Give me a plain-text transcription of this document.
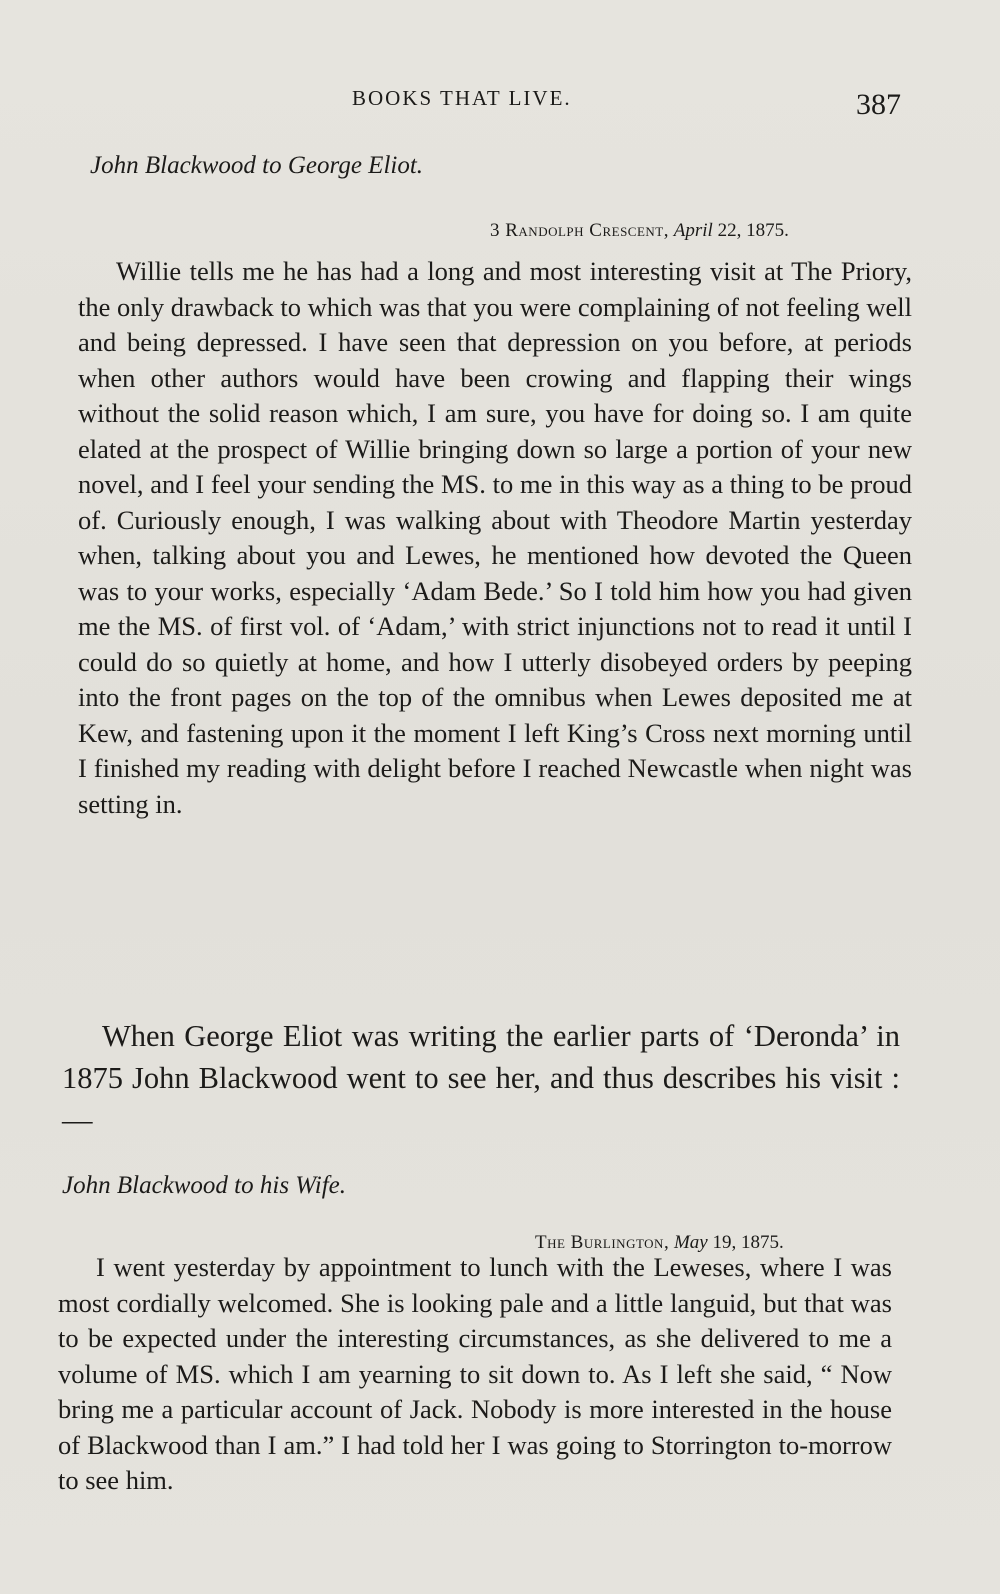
BOOKS THAT LIVE.	387
John Blackwood to George Eliot.
3 Randolph Crescent, April 22, 1875.
Willie tells me he has had a long and most interesting visit at The Priory, the only drawback to which was that you were complaining of not feeling well and being depressed. I have seen that depression on you before, at periods when other authors would have been crowing and flapping their wings without the solid reason which, I am sure, you have for doing so. I am quite elated at the prospect of Willie bringing down so large a portion of your new novel, and I feel your sending the MS. to me in this way as a thing to be proud of. Curiously enough, I was walking about with Theodore Martin yesterday when, talking about you and Lewes, he mentioned how devoted the Queen was to your works, especially ‘Adam Bede.’ So I told him how you had given me the MS. of first vol. of ‘Adam,’ with strict injunctions not to read it until I could do so quietly at home, and how I utterly disobeyed orders by peeping into the front pages on the top of the omnibus when Lewes deposited me at Kew, and fastening upon it the moment I left King’s Cross next morning until I finished my reading with delight before I reached Newcastle when night was setting in.
When George Eliot was writing the earlier parts of ‘Deronda’ in 1875 John Blackwood went to see her, and thus describes his visit :—
John Blackwood to his Wife.
The Burlington, May 19, 1875.
I went yesterday by appointment to lunch with the Leweses, where I was most cordially welcomed. She is looking pale and a little languid, but that was to be expected under the interesting circumstances, as she delivered to me a volume of MS. which I am yearning to sit down to. As I left she said, “ Now bring me a particular account of Jack. Nobody is more interested in the house of Blackwood than I am.” I had told her I was going to Storrington to-morrow to see him.
